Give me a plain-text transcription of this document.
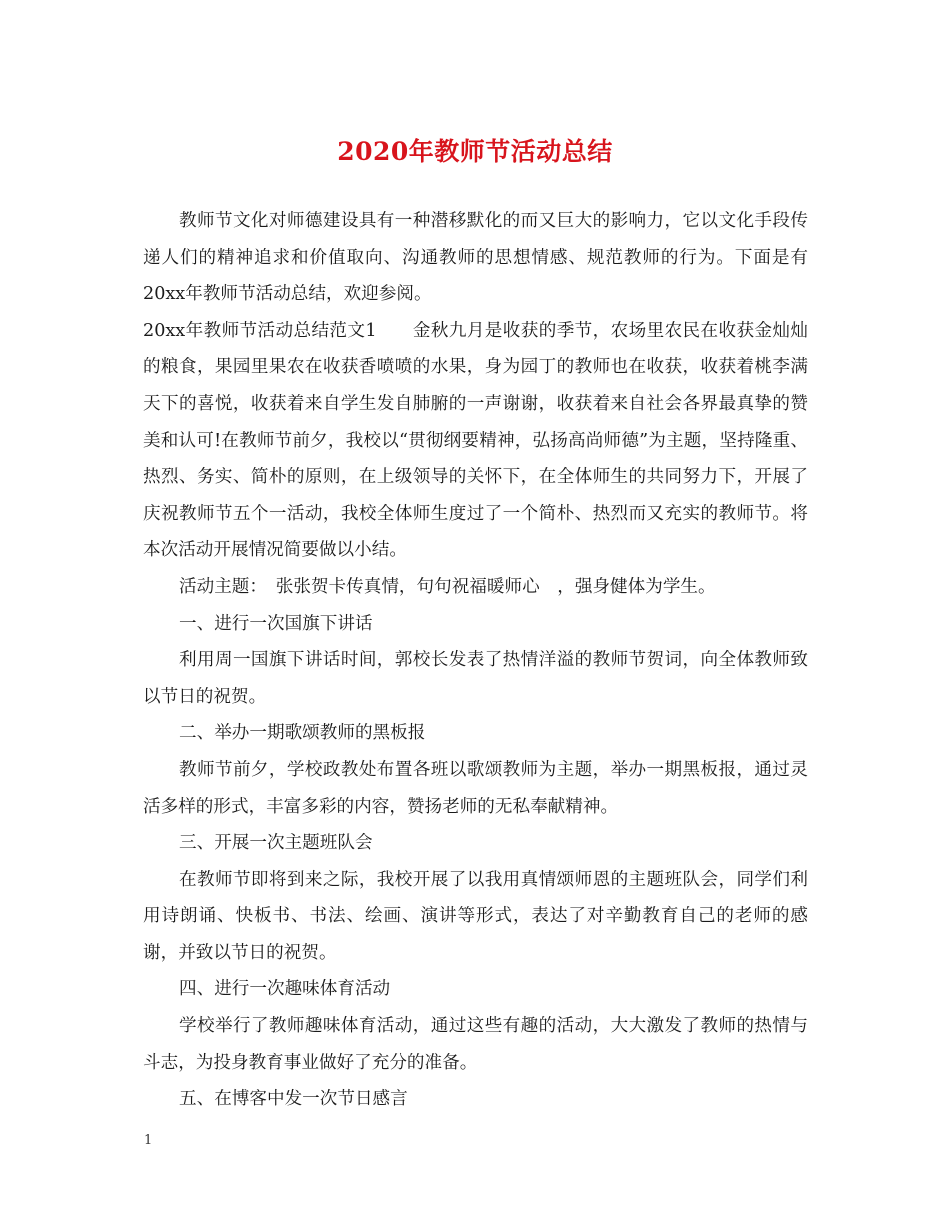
2020年教师节活动总结

教师节文化对师德建设具有一种潜移默化的而又巨大的影响力，它以文化手段传递人们的精神追求和价值取向、沟通教师的思想情感、规范教师的行为。下面是有20xx年教师节活动总结，欢迎参阅。

20xx年教师节活动总结范文1　　金秋九月是收获的季节，农场里农民在收获金灿灿的粮食，果园里果农在收获香喷喷的水果，身为园丁的教师也在收获，收获着桃李满天下的喜悦，收获着来自学生发自肺腑的一声谢谢，收获着来自社会各界最真挚的赞美和认可!在教师节前夕，我校以“贯彻纲要精神，弘扬高尚师德”为主题，坚持隆重、热烈、务实、简朴的原则，在上级领导的关怀下，在全体师生的共同努力下，开展了庆祝教师节五个一活动，我校全体师生度过了一个简朴、热烈而又充实的教师节。将本次活动开展情况简要做以小结。

活动主题：　张张贺卡传真情，句句祝福暖师心　，强身健体为学生。

一、进行一次国旗下讲话

利用周一国旗下讲话时间，郭校长发表了热情洋溢的教师节贺词，向全体教师致以节日的祝贺。

二、举办一期歌颂教师的黑板报

教师节前夕，学校政教处布置各班以歌颂教师为主题，举办一期黑板报，通过灵活多样的形式，丰富多彩的内容，赞扬老师的无私奉献精神。

三、开展一次主题班队会

在教师节即将到来之际，我校开展了以我用真情颂师恩的主题班队会，同学们利用诗朗诵、快板书、书法、绘画、演讲等形式，表达了对辛勤教育自己的老师的感谢，并致以节日的祝贺。

四、进行一次趣味体育活动

学校举行了教师趣味体育活动，通过这些有趣的活动，大大激发了教师的热情与斗志，为投身教育事业做好了充分的准备。

五、在博客中发一次节日感言

1
